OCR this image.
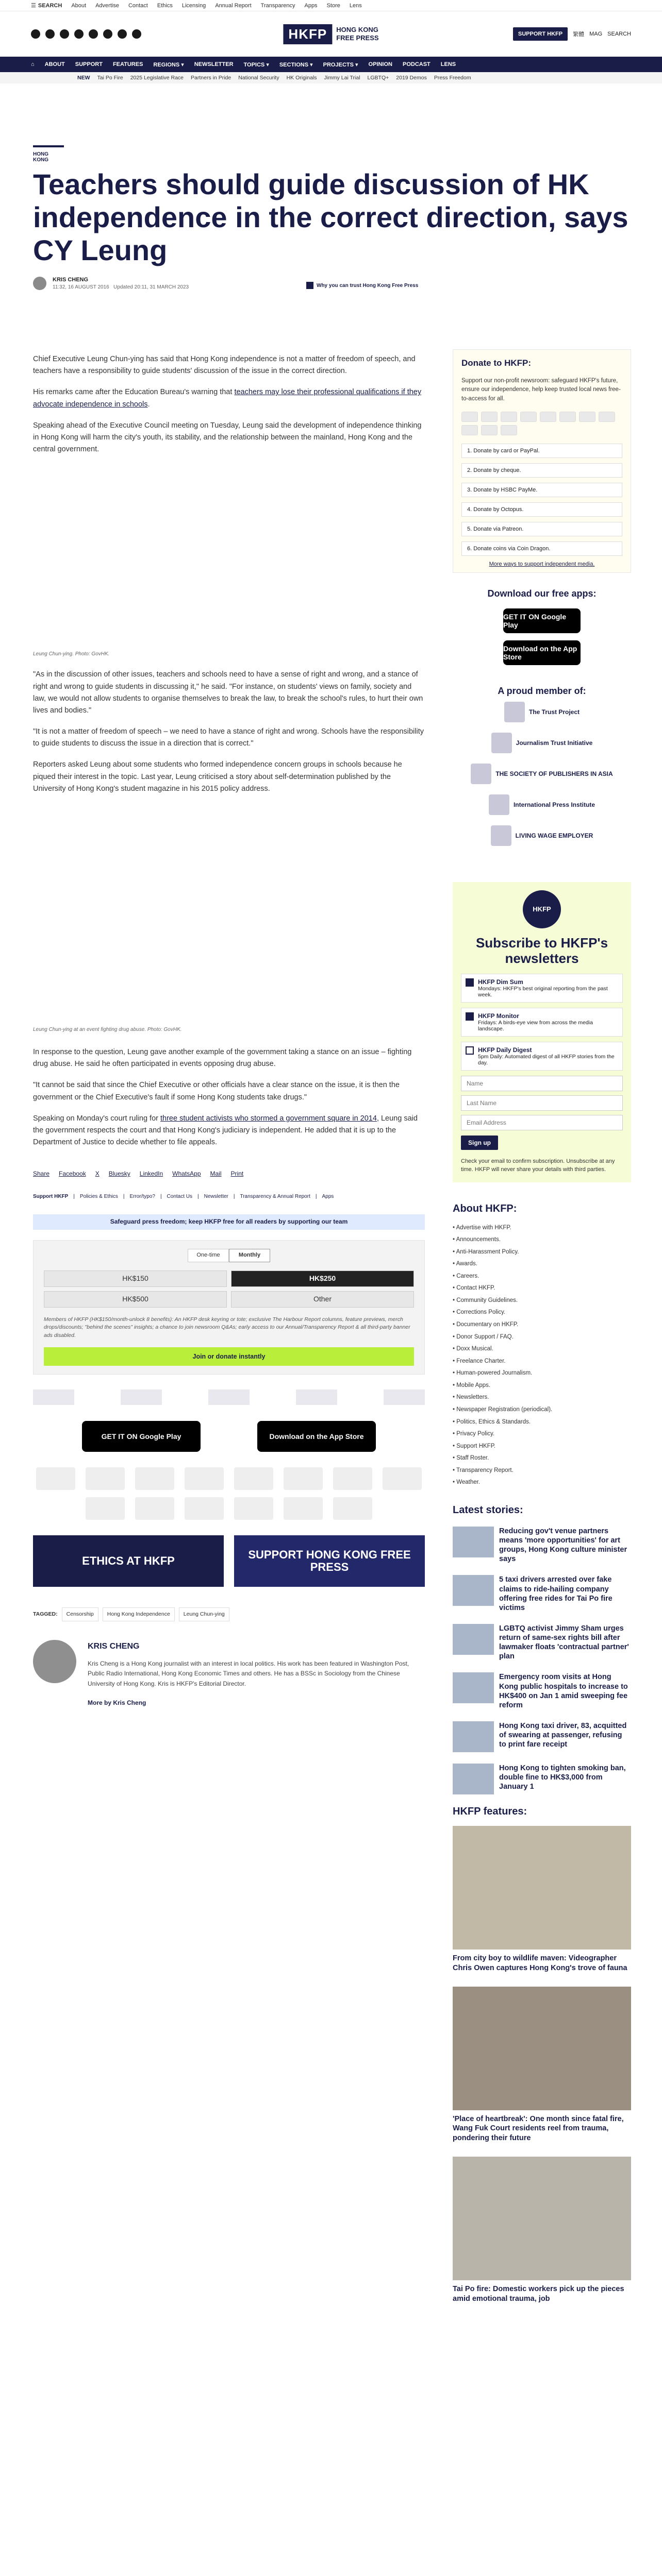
☰ SEARCH About Advertise Contact Ethics Licensing Annual Report Transparency Apps Store Lens
HKFP	HONG KONG
FREE PRESS	SUPPORT HKFP	繁體 MAG SEARCH
⌂ ABOUT SUPPORT FEATURES REGIONS ▾ NEWSLETTER TOPICS ▾ SECTIONS ▾ PROJECTS ▾ OPINION PODCAST LENS
NEW Tai Po Fire 2025 Legislative Race Partners in Pride National Security HK Originals Jimmy Lai Trial LGBTQ+ 2019 Demos Press Freedom
HONG KONG
Teachers should guide discussion of HK independence in the correct direction, says CY Leung
KRIS CHENG
11:32, 16 AUGUST 2016 Updated 20:11, 31 MARCH 2023	Why you can trust Hong Kong Free Press

Chief Executive Leung Chun-ying has said that Hong Kong independence is not a matter of freedom of speech, and teachers have a responsibility to guide students' discussion of the issue in the correct direction.

His remarks came after the Education Bureau's warning that teachers may lose their professional qualifications if they advocate independence in schools.

Speaking ahead of the Executive Council meeting on Tuesday, Leung said the development of independence thinking in Hong Kong will harm the city's youth, its stability, and the relationship between the mainland, Hong Kong and the central government.

Leung Chun-ying. Photo: GovHK.

"As in the discussion of other issues, teachers and schools need to have a sense of right and wrong, and a stance of right and wrong to guide students in discussing it," he said. "For instance, on students' views on family, society and law, we would not allow students to organise themselves to break the law, to break the school's rules, to hurt their own lives and bodies."

"It is not a matter of freedom of speech – we need to have a stance of right and wrong. Schools have the responsibility to guide students to discuss the issue in a direction that is correct."

Reporters asked Leung about some students who formed independence concern groups in schools because he piqued their interest in the topic. Last year, Leung criticised a story about self-determination published by the University of Hong Kong's student magazine in his 2015 policy address.

Leung Chun-ying at an event fighting drug abuse. Photo: GovHK.

In response to the question, Leung gave another example of the government taking a stance on an issue – fighting drug abuse. He said he often participated in events opposing drug abuse.

"It cannot be said that since the Chief Executive or other officials have a clear stance on the issue, it is then the government or the Chief Executive's fault if some Hong Kong students take drugs."

Speaking on Monday's court ruling for three student activists who stormed a government square in 2014, Leung said the government respects the court and that Hong Kong's judiciary is independent. He added that it is up to the Department of Justice to decide whether to file appeals.

Share Facebook X Bluesky LinkedIn WhatsApp Mail Print
Support HKFP | Policies & Ethics | Error/typo? | Contact Us | Newsletter | Transparency & Annual Report | Apps
Safeguard press freedom; keep HKFP free for all readers by supporting our team
One-time	Monthly
HK$150	HK$250
HK$500	Other
Members of HKFP (HK$150/month-unlock 8 benefits): An HKFP desk keyring or tote; exclusive The Harbour Report columns, feature previews, merch drops/discounts; "behind the scenes" insights; a chance to join newsroom Q&As; early access to our Annual/Transparency Report & all third-party banner ads disabled.
Join or donate instantly
GET IT ON Google Play	Download on the App Store
ETHICS AT HKFP	SUPPORT HONG KONG FREE PRESS
TAGGED:	Censorship	Hong Kong Independence	Leung Chun-ying
KRIS CHENG

Kris Cheng is a Hong Kong journalist with an interest in local politics. His work has been featured in Washington Post, Public Radio International, Hong Kong Economic Times and others. He has a BSSc in Sociology from the Chinese University of Hong Kong. Kris is HKFP's Editorial Director.

More by Kris Cheng
Donate to HKFP:
Support our non-profit newsroom: safeguard HKFP's future, ensure our independence, help keep trusted local news free-to-access for all.
1. Donate by card or PayPal.
2. Donate by cheque.
3. Donate by HSBC PayMe.
4. Donate by Octopus.
5. Donate via Patreon.
6. Donate coins via Coin Dragon.
More ways to support independent media.
Download our free apps:
GET IT ON Google Play
Download on the App Store
A proud member of:
The Trust Project
Journalism Trust Initiative
THE SOCIETY OF PUBLISHERS IN ASIA
International Press Institute
LIVING WAGE EMPLOYER
HKFP
Subscribe to HKFP's newsletters
HKFP Dim Sum
Mondays: HKFP's best original reporting from the past week.
HKFP Monitor
Fridays: A birds-eye view from across the media landscape.
HKFP Daily Digest
5pm Daily: Automated digest of all HKFP stories from the day.
Name
Last Name
Email Address
Sign up
Check your email to confirm subscription. Unsubscribe at any time. HKFP will never share your details with third parties.
About HKFP:
• Advertise with HKFP.
• Announcements.
• Anti-Harassment Policy.
• Awards.
• Careers.
• Contact HKFP.
• Community Guidelines.
• Corrections Policy.
• Documentary on HKFP.
• Donor Support / FAQ.
• Doxx Musical.
• Freelance Charter.
• Human-powered Journalism.
• Mobile Apps.
• Newsletters.
• Newspaper Registration (periodical).
• Politics, Ethics & Standards.
• Privacy Policy.
• Support HKFP.
• Staff Roster.
• Transparency Report.
• Weather.
Latest stories:
Reducing gov't venue partners means 'more opportunities' for art groups, Hong Kong culture minister says
5 taxi drivers arrested over fake claims to ride-hailing company offering free rides for Tai Po fire victims
LGBTQ activist Jimmy Sham urges return of same-sex rights bill after lawmaker floats 'contractual partner' plan
Emergency room visits at Hong Kong public hospitals to increase to HK$400 on Jan 1 amid sweeping fee reform
Hong Kong taxi driver, 83, acquitted of swearing at passenger, refusing to print fare receipt
Hong Kong to tighten smoking ban, double fine to HK$3,000 from January 1
HKFP features:
From city boy to wildlife maven: Videographer Chris Owen captures Hong Kong's trove of fauna
'Place of heartbreak': One month since fatal fire, Wang Fuk Court residents reel from trauma, pondering their future
Tai Po fire: Domestic workers pick up the pieces amid emotional trauma, job
